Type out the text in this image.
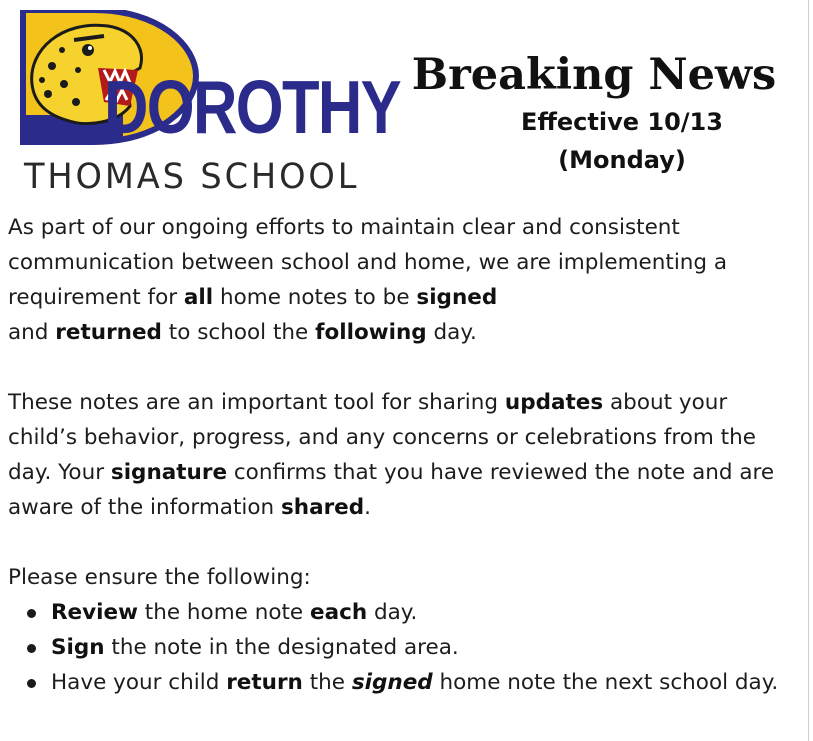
DOROTHY
THOMAS SCHOOL
Breaking News
Effective 10/13
(Monday)

As part of our ongoing efforts to maintain clear and consistent communication between school and home, we are implementing a requirement for all home notes to be signed
and returned to school the following day.

These notes are an important tool for sharing updates about your child’s behavior, progress, and any concerns or celebrations from the day. Your signature confirms that you have reviewed the note and are aware of the information shared.

Please ensure the following:

Review the home note each day.
Sign the note in the designated area.
Have your child return the signed home note the next school day.
